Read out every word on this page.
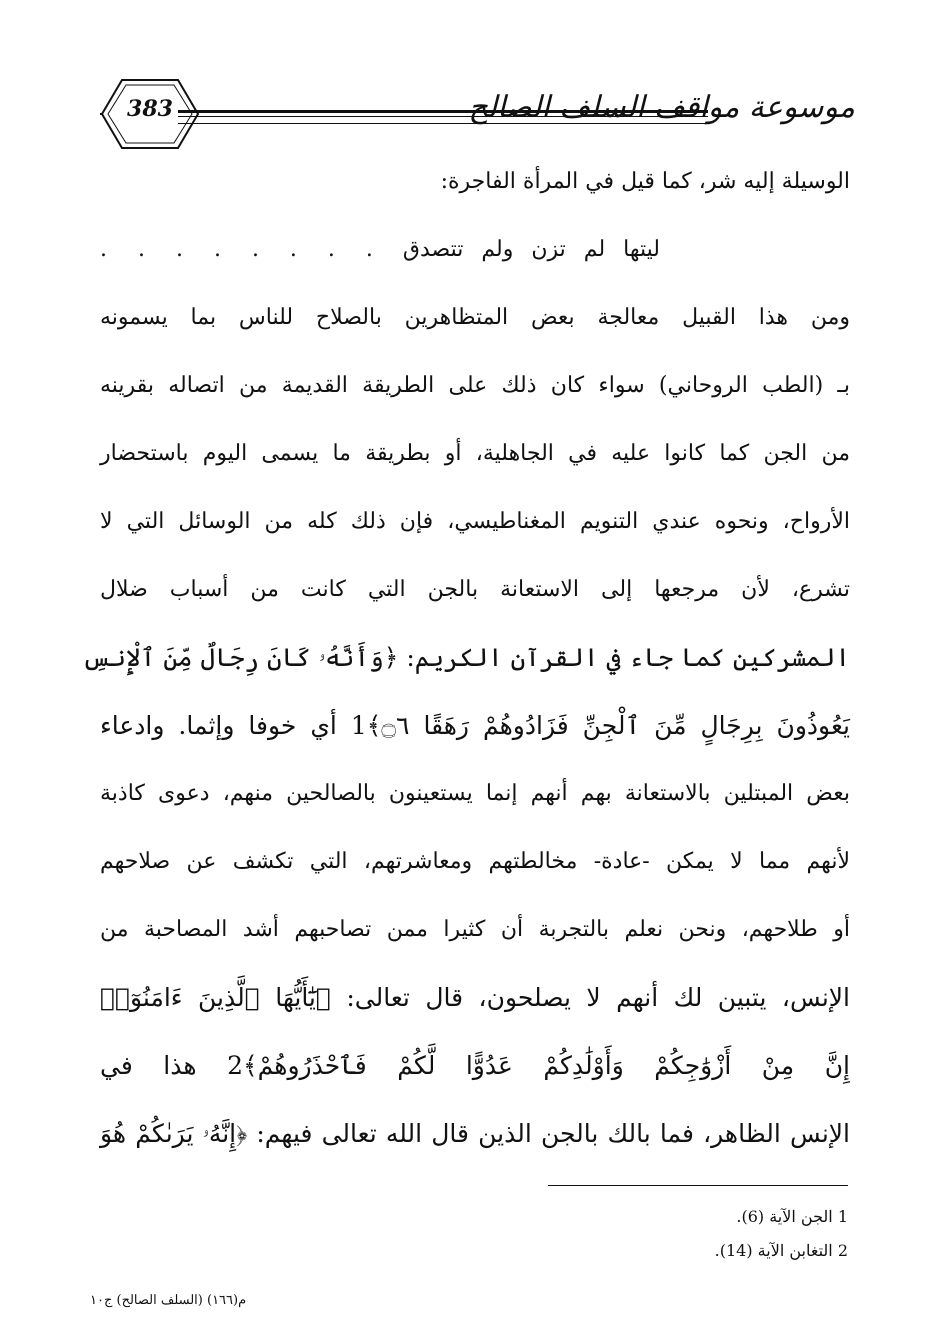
383	موسوعة مواقف السلف الصالح
الوسيلة إليه شر، كما قيل في المرأة الفاجرة:
ليتها لم تزن ولم تتصدق . . . . . . . .
ومن هذا القبيل معالجة بعض المتظاهرين بالصلاح للناس بما يسمونه
بـ (الطب الروحاني) سواء كان ذلك على الطريقة القديمة من اتصاله بقرينه
من الجن كما كانوا عليه في الجاهلية، أو بطريقة ما يسمى اليوم باستحضار
الأرواح، ونحوه عندي التنويم المغناطيسي، فإن ذلك كله من الوسائل التي لا
تشرع، لأن مرجعها إلى الاستعانة بالجن التي كانت من أسباب ضلال
المشركين كما جاء في القرآن الكريم: ﴿وَأَنَّهُۥ كَانَ رِجَالٌ مِّنَ ٱلْإِنسِ
يَعُوذُونَ بِرِجَالٍ مِّنَ ٱلْجِنِّ فَزَادُوهُمْ رَهَقًا ۝٦﴾1 أي خوفا وإثما. وادعاء
بعض المبتلين بالاستعانة بهم أنهم إنما يستعينون بالصالحين منهم، دعوى كاذبة
لأنهم مما لا يمكن -عادة- مخالطتهم ومعاشرتهم، التي تكشف عن صلاحهم
أو طلاحهم، ونحن نعلم بالتجربة أن كثيرا ممن تصاحبهم أشد المصاحبة من
الإنس، يتبين لك أنهم لا يصلحون، قال تعالى: ﴿يَٰٓأَيُّهَا ٱلَّذِينَ ءَامَنُوٓا۟
إِنَّ مِنْ أَزْوَٰجِكُمْ وَأَوْلَٰدِكُمْ عَدُوًّا لَّكُمْ فَٱحْذَرُوهُمْ﴾2 هذا في
الإنس الظاهر، فما بالك بالجن الذين قال الله تعالى فيهم: ﴿إِنَّهُۥ يَرَىٰكُمْ هُوَ
1 الجن الآية (6).
2 التغابن الآية (14).
م(١٦٦) (السلف الصالح) ج١٠
